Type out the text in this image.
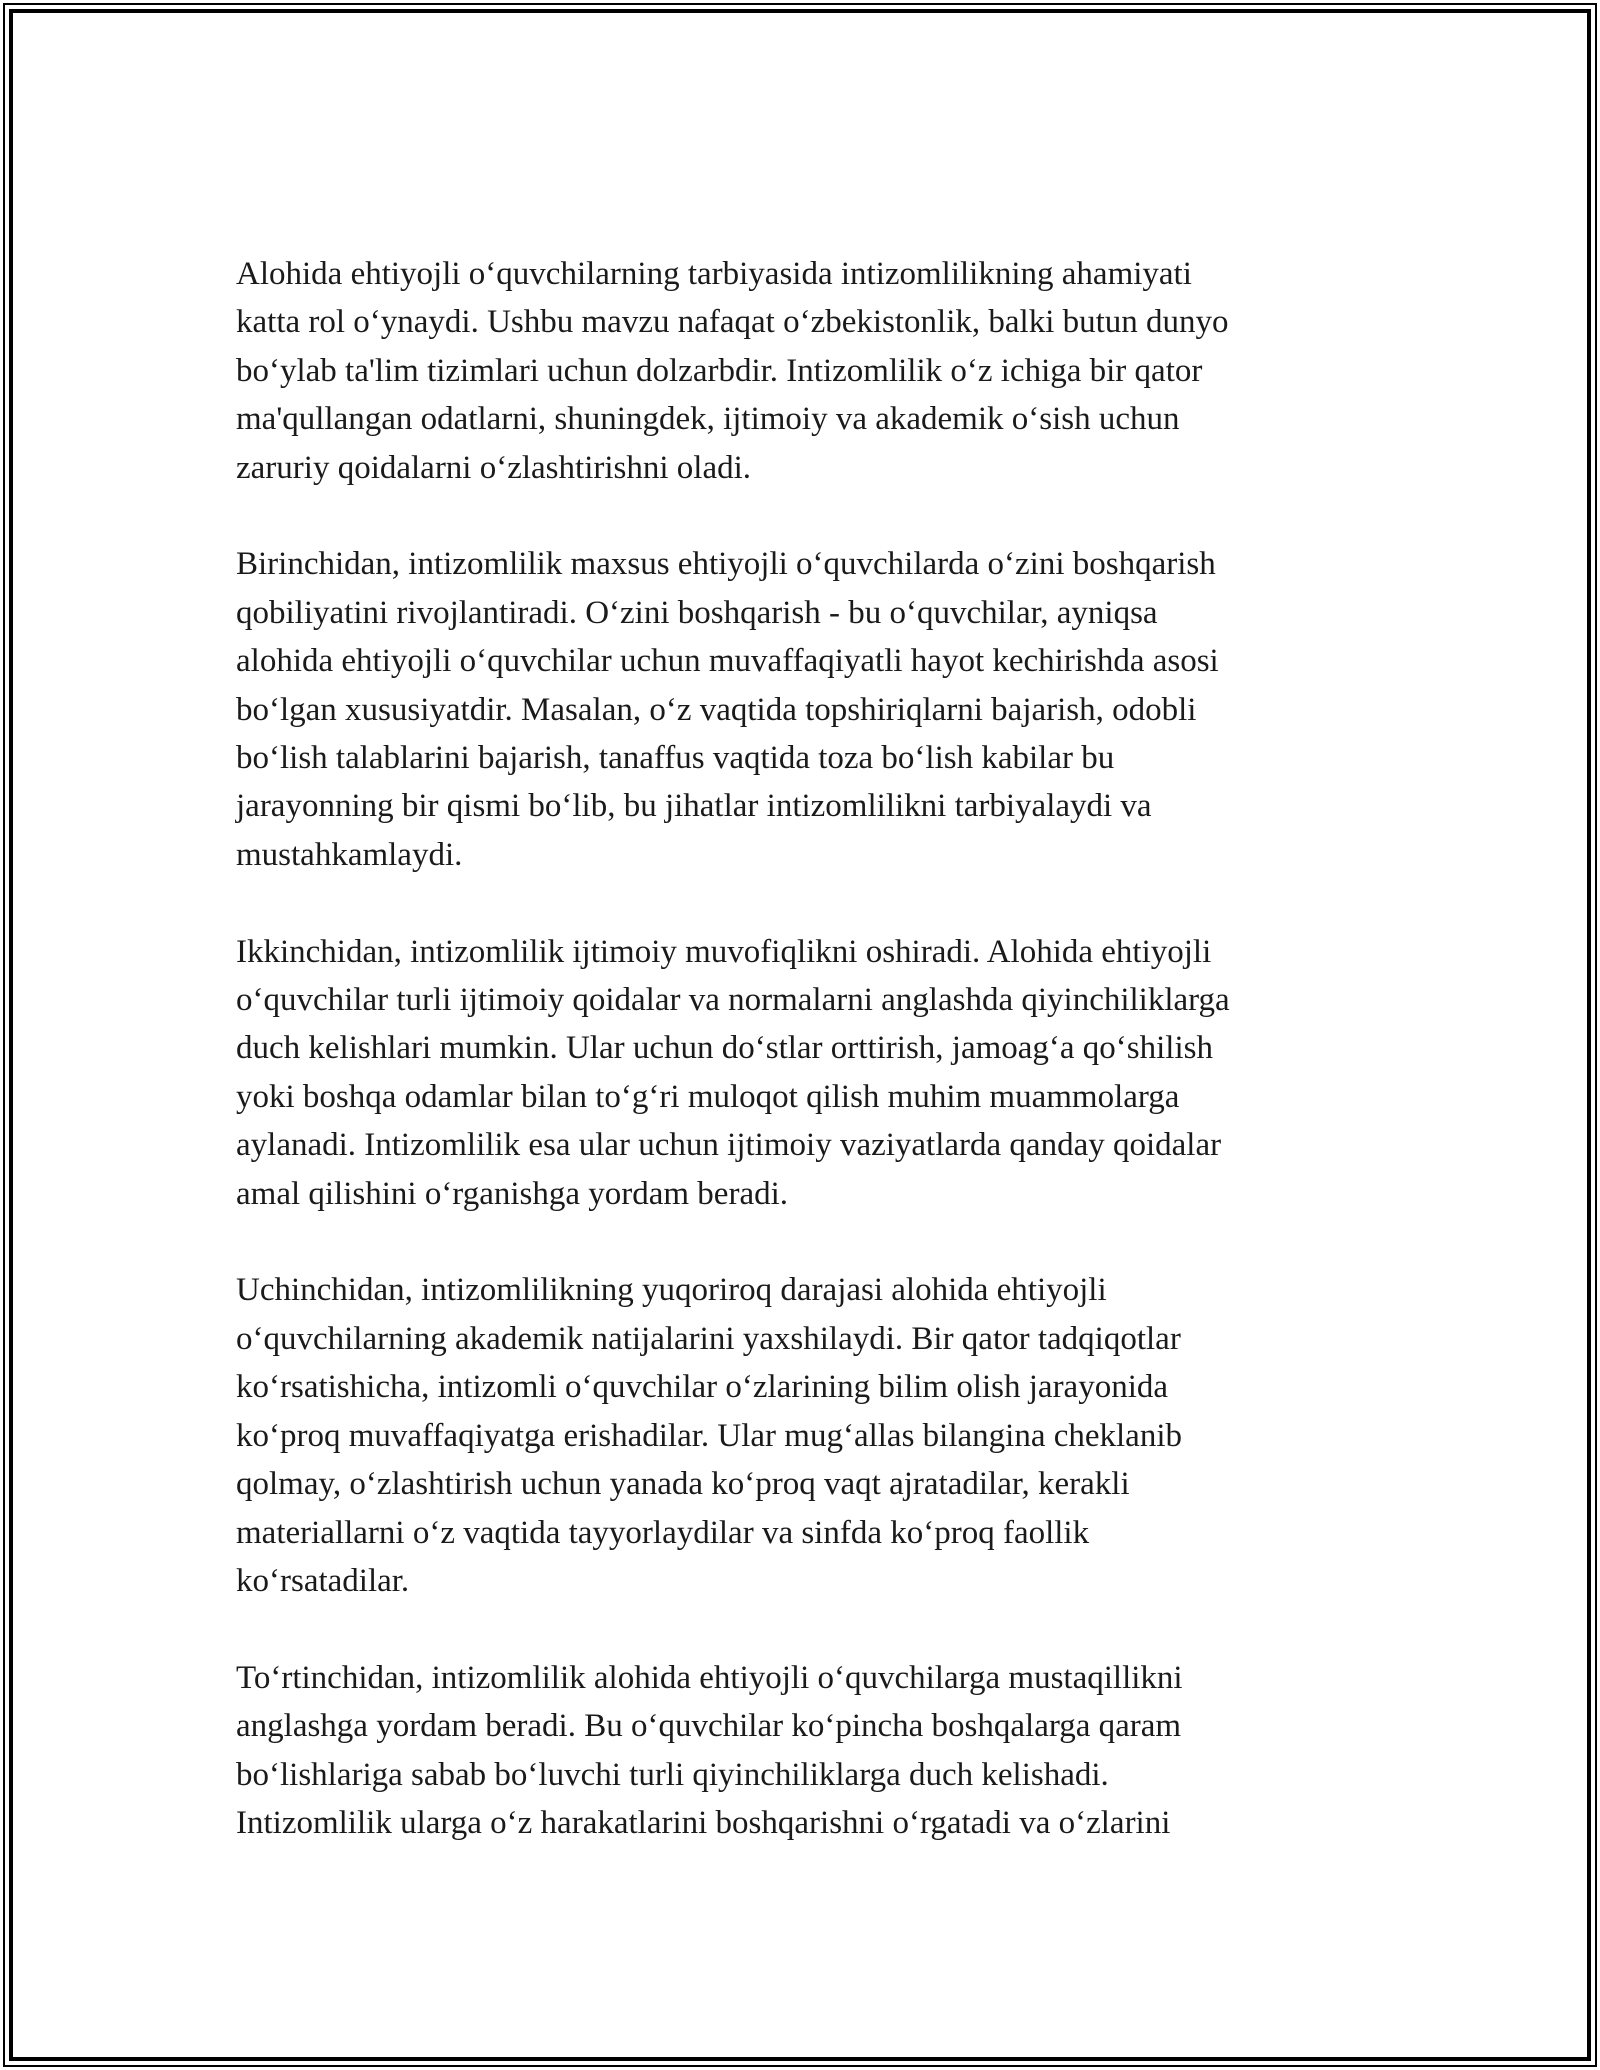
Alohida ehtiyojli o‘quvchilarning tarbiyasida intizomlilikning ahamiyati
katta rol o‘ynaydi. Ushbu mavzu nafaqat o‘zbekistonlik, balki butun dunyo
bo‘ylab ta'lim tizimlari uchun dolzarbdir. Intizomlilik o‘z ichiga bir qator
ma'qullangan odatlarni, shuningdek, ijtimoiy va akademik o‘sish uchun
zaruriy qoidalarni o‘zlashtirishni oladi.

Birinchidan, intizomlilik maxsus ehtiyojli o‘quvchilarda o‘zini boshqarish
qobiliyatini rivojlantiradi. O‘zini boshqarish - bu o‘quvchilar, ayniqsa
alohida ehtiyojli o‘quvchilar uchun muvaffaqiyatli hayot kechirishda asosi
bo‘lgan xususiyatdir. Masalan, o‘z vaqtida topshiriqlarni bajarish, odobli
bo‘lish talablarini bajarish, tanaffus vaqtida toza bo‘lish kabilar bu
jarayonning bir qismi bo‘lib, bu jihatlar intizomlilikni tarbiyalaydi va
mustahkamlaydi.

Ikkinchidan, intizomlilik ijtimoiy muvofiqlikni oshiradi. Alohida ehtiyojli
o‘quvchilar turli ijtimoiy qoidalar va normalarni anglashda qiyinchiliklarga
duch kelishlari mumkin. Ular uchun do‘stlar orttirish, jamoag‘a qo‘shilish
yoki boshqa odamlar bilan to‘g‘ri muloqot qilish muhim muammolarga
aylanadi. Intizomlilik esa ular uchun ijtimoiy vaziyatlarda qanday qoidalar
amal qilishini o‘rganishga yordam beradi.

Uchinchidan, intizomlilikning yuqoriroq darajasi alohida ehtiyojli
o‘quvchilarning akademik natijalarini yaxshilaydi. Bir qator tadqiqotlar
ko‘rsatishicha, intizomli o‘quvchilar o‘zlarining bilim olish jarayonida
ko‘proq muvaffaqiyatga erishadilar. Ular mug‘allas bilangina cheklanib
qolmay, o‘zlashtirish uchun yanada ko‘proq vaqt ajratadilar, kerakli
materiallarni o‘z vaqtida tayyorlaydilar va sinfda ko‘proq faollik
ko‘rsatadilar.

To‘rtinchidan, intizomlilik alohida ehtiyojli o‘quvchilarga mustaqillikni
anglashga yordam beradi. Bu o‘quvchilar ko‘pincha boshqalarga qaram
bo‘lishlariga sabab bo‘luvchi turli qiyinchiliklarga duch kelishadi.
Intizomlilik ularga o‘z harakatlarini boshqarishni o‘rgatadi va o‘zlarini
